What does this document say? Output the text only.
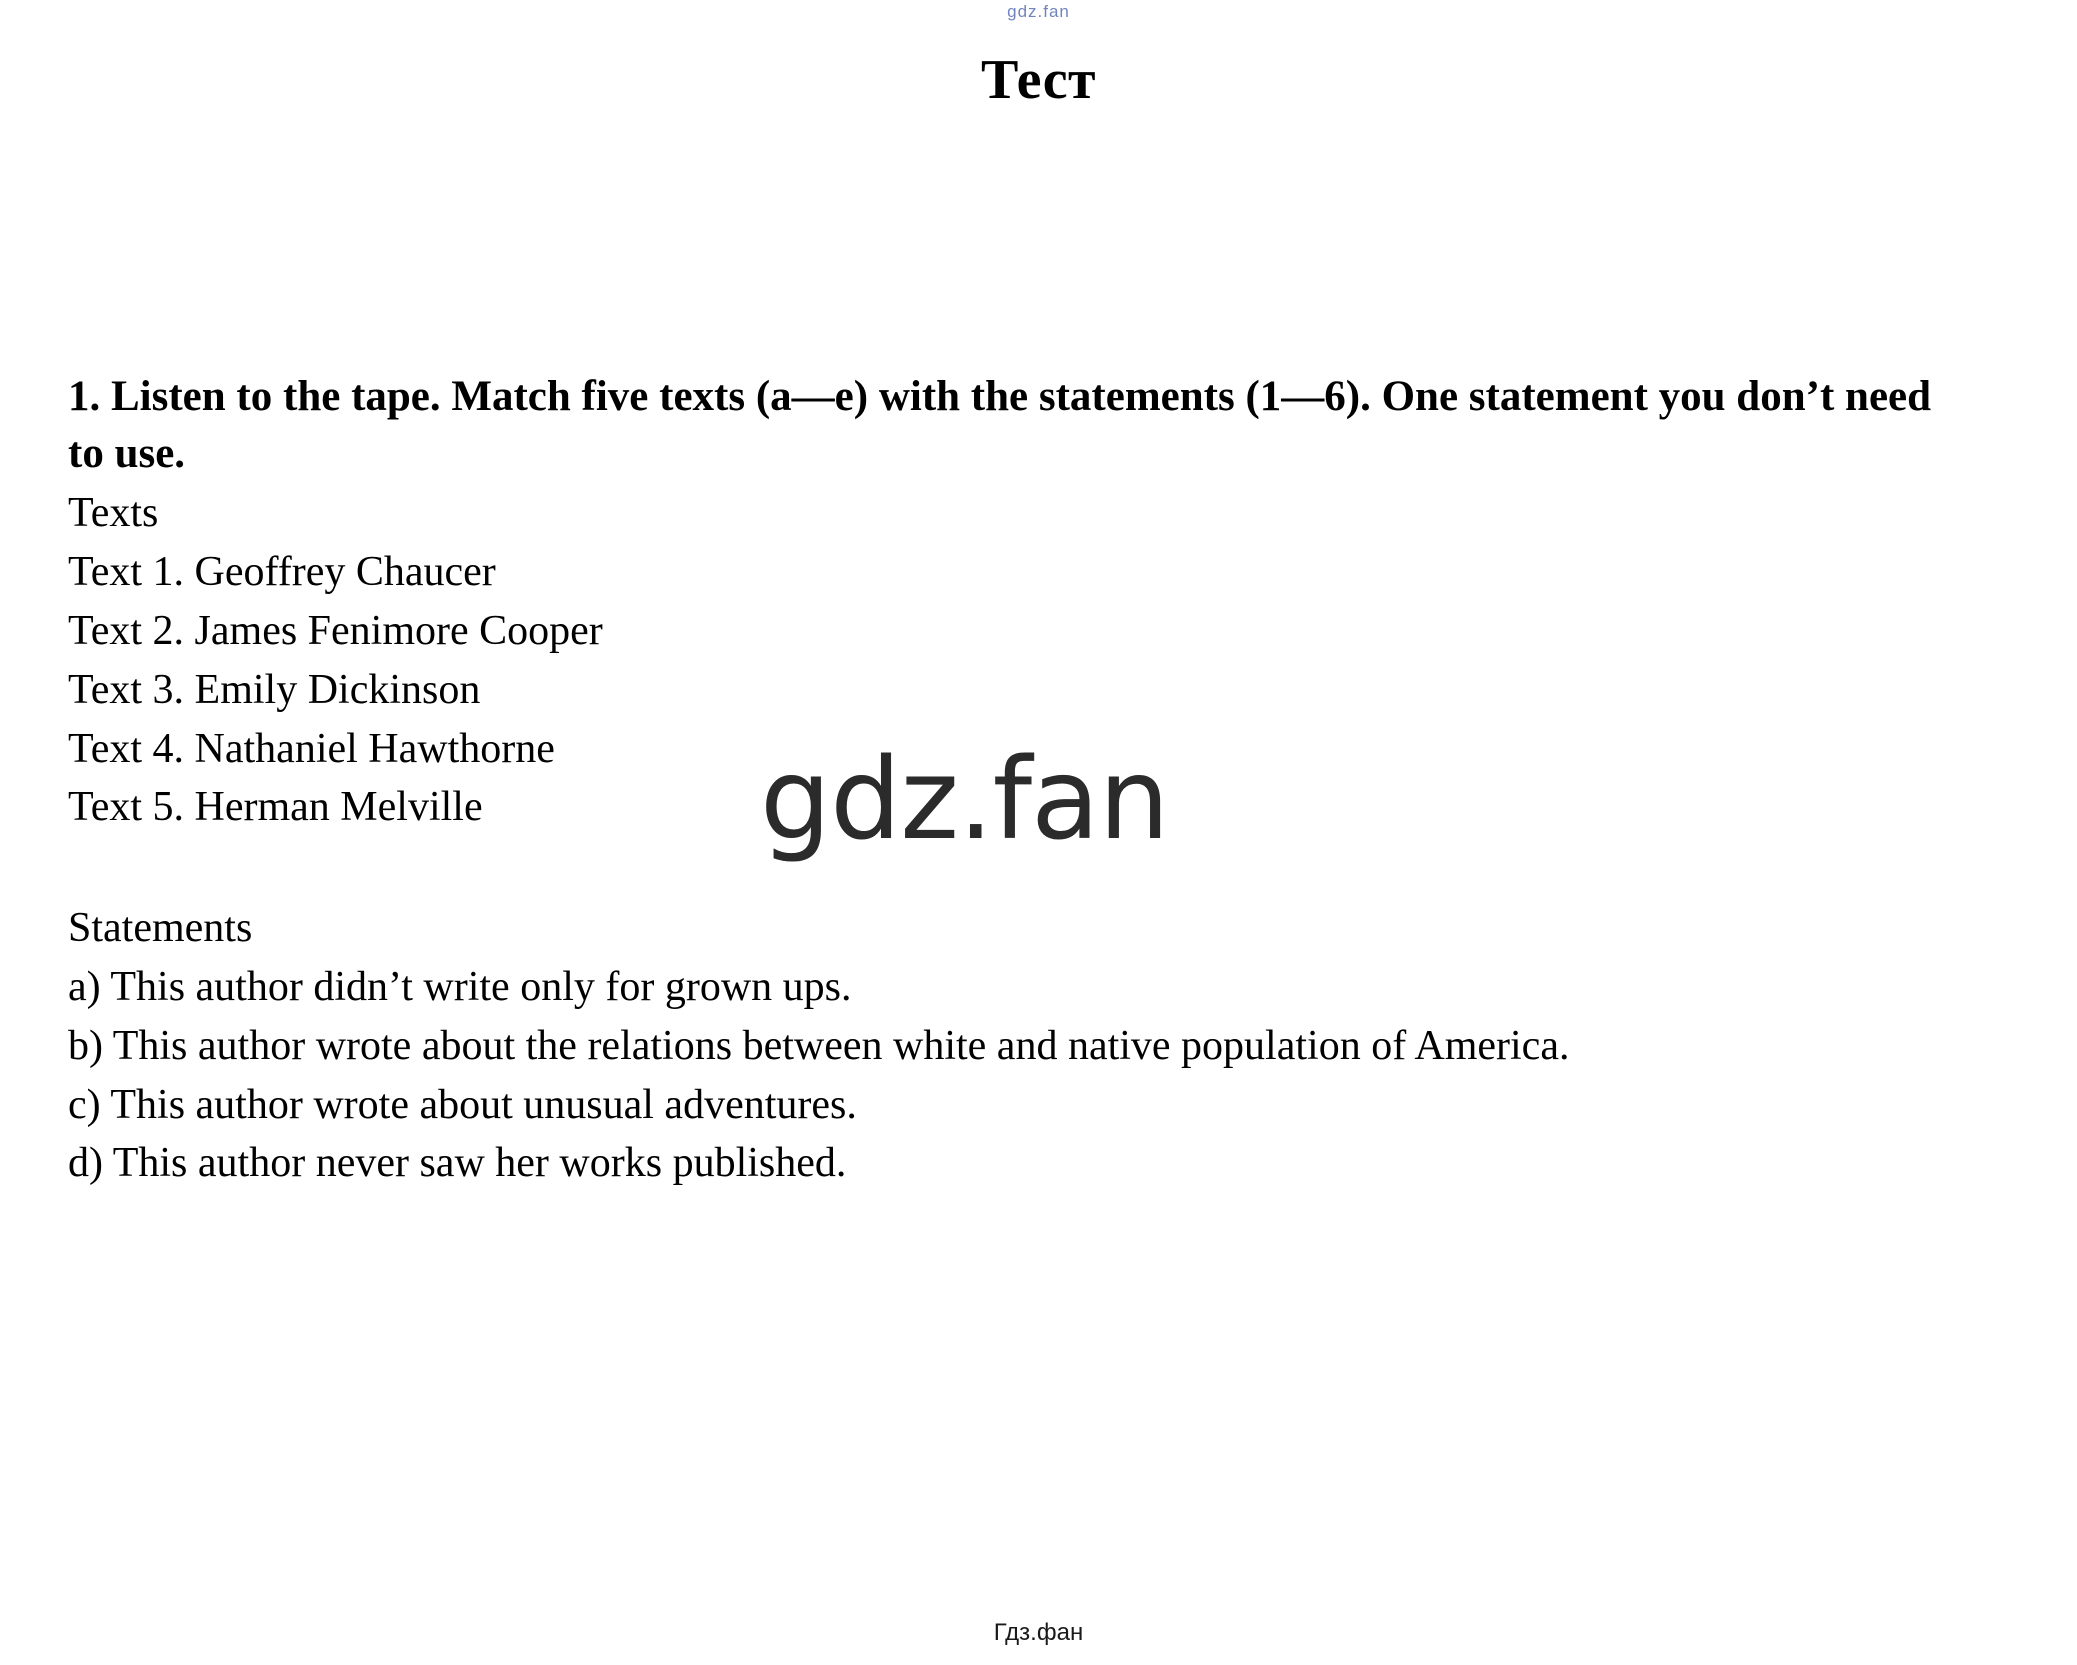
gdz.fan
Тест

1. Listen to the tape. Match five texts (a—e) with the statements (1—6). One statement you don’t need to use.

Texts

Text 1. Geoffrey Chaucer

Text 2. James Fenimore Cooper

Text 3. Emily Dickinson

Text 4. Nathaniel Hawthorne

Text 5. Herman Melville

Statements

a) This author didn’t write only for grown ups.

b) This author wrote about the relations between white and native population of America.

c) This author wrote about unusual adventures.

d) This author never saw her works published.

gdz.fan
Гдз.фан
